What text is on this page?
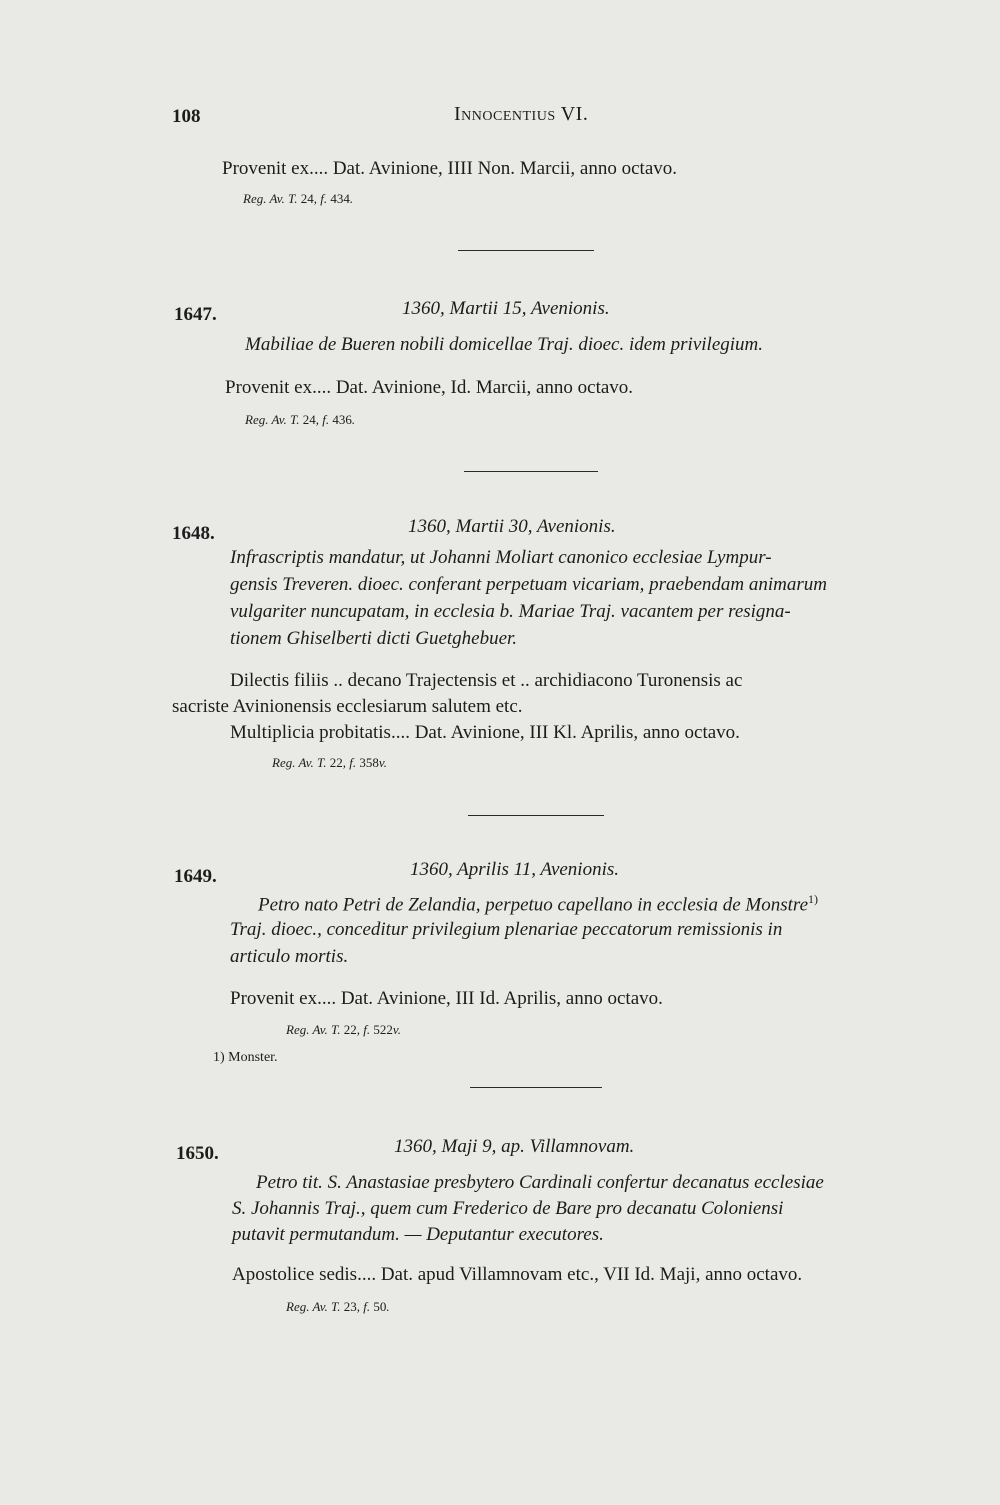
108	Innocentius VI.
Provenit ex.... Dat. Avinione, IIII Non. Marcii, anno octavo.
Reg. Av. T. 24, f. 434.
1647.	1360, Martii 15, Avenionis.
Mabiliae de Bueren nobili domicellae Traj. dioec. idem privilegium.
Provenit ex.... Dat. Avinione, Id. Marcii, anno octavo.
Reg. Av. T. 24, f. 436.
1648.	1360, Martii 30, Avenionis.
Infrascriptis mandatur, ut Johanni Moliart canonico ecclesiae Lympur-
gensis Treveren. dioec. conferant perpetuam vicariam, praebendam animarum
vulgariter nuncupatam, in ecclesia b. Mariae Traj. vacantem per resigna-
tionem Ghiselberti dicti Guetghebuer.
Dilectis filiis .. decano Trajectensis et .. archidiacono Turonensis ac
sacriste Avinionensis ecclesiarum salutem etc.
Multiplicia probitatis.... Dat. Avinione, III Kl. Aprilis, anno octavo.
Reg. Av. T. 22, f. 358v.
1649.	1360, Aprilis 11, Avenionis.
Petro nato Petri de Zelandia, perpetuo capellano in ecclesia de Monstre$^{1)}$
Traj. dioec., conceditur privilegium plenariae peccatorum remissionis in
articulo mortis.
Provenit ex.... Dat. Avinione, III Id. Aprilis, anno octavo.
Reg. Av. T. 22, f. 522v.
1) Monster.
1650.	1360, Maji 9, ap. Villamnovam.
Petro tit. S. Anastasiae presbytero Cardinali confertur decanatus ecclesiae
S. Johannis Traj., quem cum Frederico de Bare pro decanatu Coloniensi
putavit permutandum. — Deputantur executores.
Apostolice sedis.... Dat. apud Villamnovam etc., VII Id. Maji, anno octavo.
Reg. Av. T. 23, f. 50.
